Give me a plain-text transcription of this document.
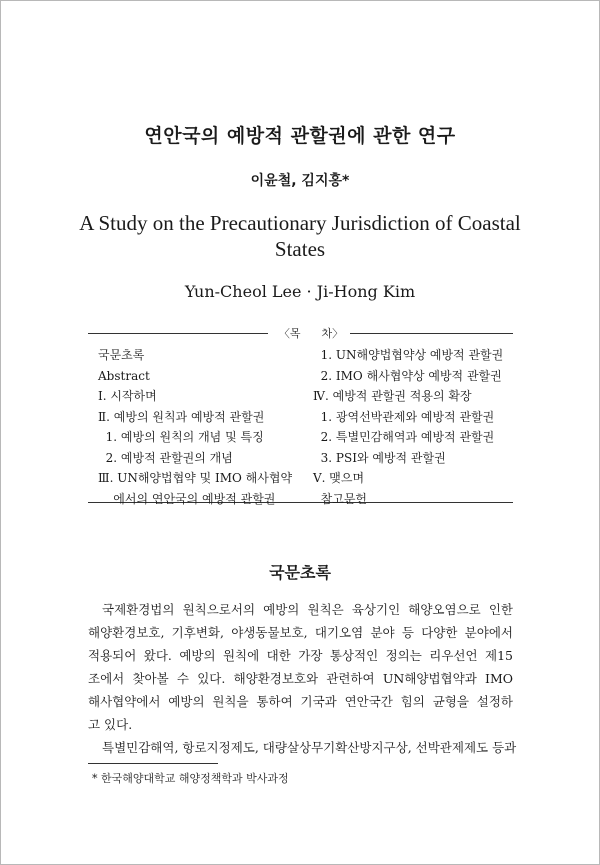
연안국의 예방적 관할권에 관한 연구
이윤철, 김지홍*
A Study on the Precautionary Jurisdiction of Coastal
States
Yun-Cheol Lee · Ji-Hong Kim
〈목      차〉
국문초록
Abstract
Ⅰ. 시작하며
Ⅱ. 예방의 원칙과 예방적 관할권
1. 예방의 원칙의 개념 및 특징
2. 예방적 관할권의 개념
Ⅲ. UN해양법협약 및 IMO 해사협약
에서의 연안국의 예방적 관할권
1. UN해양법협약상 예방적 관할권
2. IMO 해사협약상 예방적 관할권
Ⅳ. 예방적 관할권 적용의 확장
1. 광역선박관제와 예방적 관할권
2. 특별민감해역과 예방적 관할권
3. PSI와 예방적 관할권
Ⅴ. 맺으며
참고문헌
국문초록
국제환경법의 원칙으로서의 예방의 원칙은 육상기인 해양오염으로 인한
해양환경보호, 기후변화, 야생동물보호, 대기오염 분야 등 다양한 분야에서
적용되어 왔다. 예방의 원칙에 대한 가장 통상적인 정의는 리우선언 제15
조에서 찾아볼 수 있다. 해양환경보호와 관련하여 UN해양법협약과 IMO
해사협약에서 예방의 원칙을 통하여 기국과 연안국간 힘의 균형을 설정하
고 있다.
특별민감해역, 항로지정제도, 대량살상무기확산방지구상, 선박관제제도 등과
* 한국해양대학교 해양정책학과 박사과정
